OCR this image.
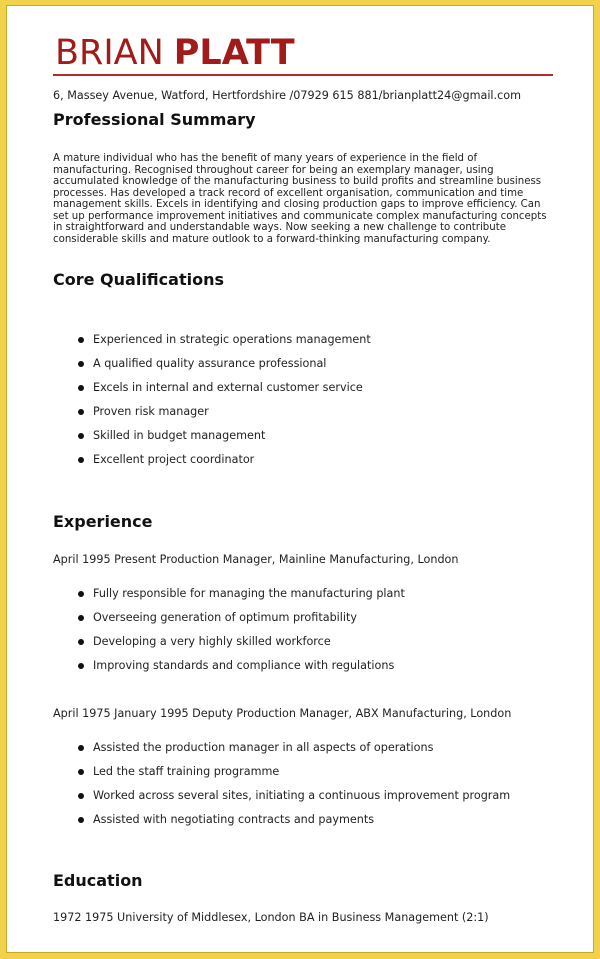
BRIAN PLATT
6, Massey Avenue, Watford, Hertfordshire /07929 615 881/brianplatt24@gmail.com
Professional Summary

A mature individual who has the benefit of many years of experience in the field of manufacturing. Recognised throughout career for being an exemplary manager, using accumulated knowledge of the manufacturing business to build profits and streamline business processes. Has developed a track record of excellent organisation, communication and time management skills. Excels in identifying and closing production gaps to improve efficiency. Can set up performance improvement initiatives and communicate complex manufacturing concepts in straightforward and understandable ways. Now seeking a new challenge to contribute considerable skills and mature outlook to a forward-thinking manufacturing company.

Core Qualifications
Experienced in strategic operations management
A qualified quality assurance professional
Excels in internal and external customer service
Proven risk manager
Skilled in budget management
Excellent project coordinator
Experience
April 1995 Present Production Manager, Mainline Manufacturing, London
Fully responsible for managing the manufacturing plant
Overseeing generation of optimum profitability
Developing a very highly skilled workforce
Improving standards and compliance with regulations
April 1975 January 1995 Deputy Production Manager, ABX Manufacturing, London
Assisted the production manager in all aspects of operations
Led the staff training programme
Worked across several sites, initiating a continuous improvement program
Assisted with negotiating contracts and payments
Education
1972 1975 University of Middlesex, London BA in Business Management (2:1)
